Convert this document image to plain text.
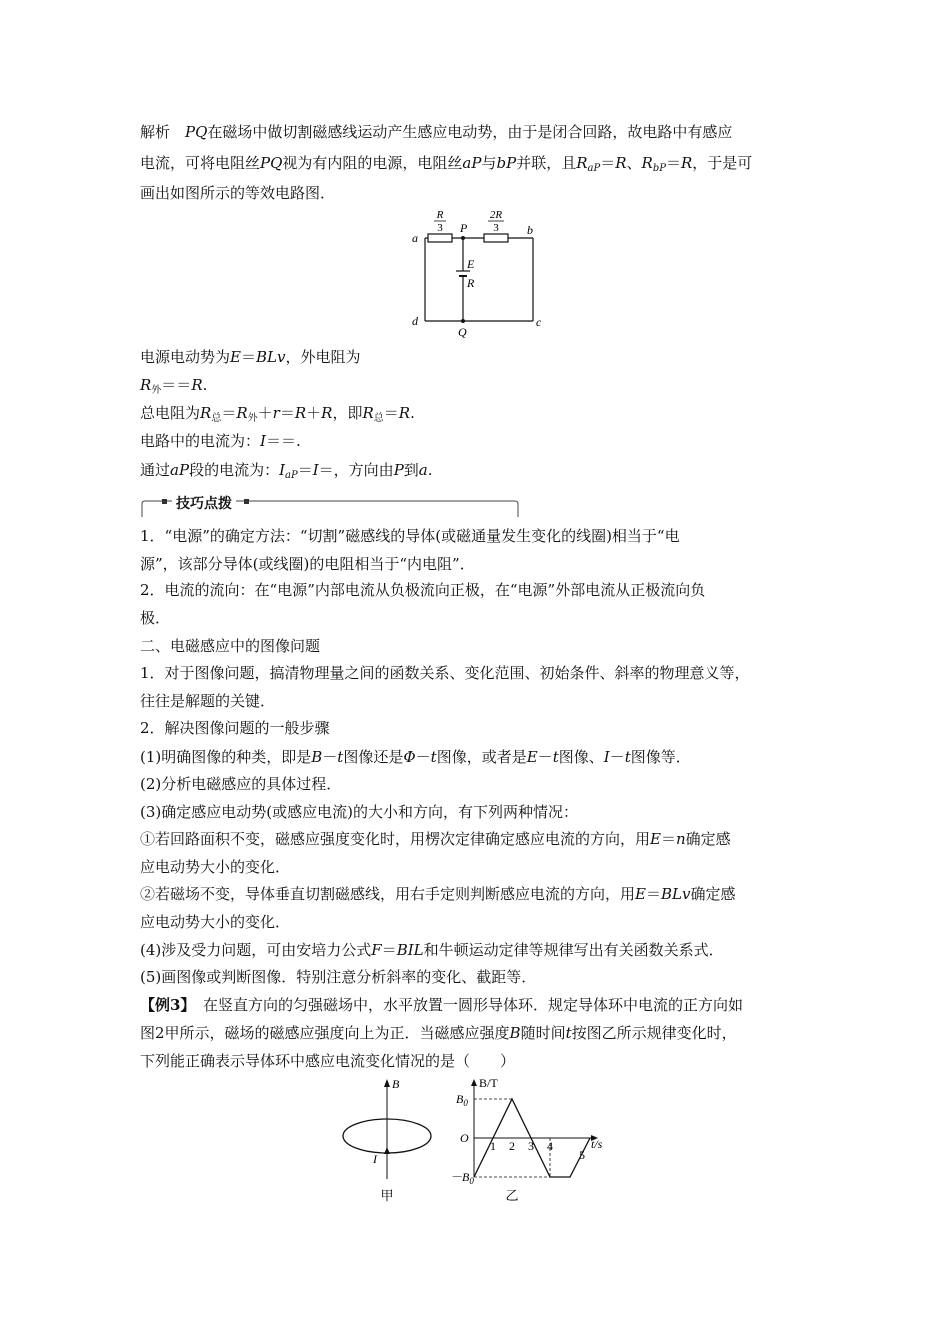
解析　 PQ在磁场中做切割磁感线运动产生感应电动势，由于是闭合回路，故电路中有感应
电流，可将电阻丝PQ视为有内阻的电源，电阻丝aP与bP并联，且$R_{aP}=R$、$R_{bP}=R$，于是可
画出如图所示的等效电路图．
R
3
2R
3
a
P	b
E
R
d
Q
c
电源电动势为E＝BLv，外电阻为
$R_外==R$.
总电阻为$R_总=R_外+r=R+R$，即$R_总=R$.
电路中的电流为：I＝＝.
通过aP段的电流为：$I_{aP}=I=$，方向由P到a.
技巧点拨
1．“电源”的确定方法：“切割”磁感线的导体(或磁通量发生变化的线圈)相当于“电
源”，该部分导体(或线圈)的电阻相当于“内电阻”．
2．电流的流向：在“电源”内部电流从负极流向正极，在“电源”外部电流从正极流向负
极．
二、电磁感应中的图像问题
1．对于图像问题，搞清物理量之间的函数关系、变化范围、初始条件、斜率的物理意义等，
往往是解题的关键．
2．解决图像问题的一般步骤
(1)明确图像的种类，即是B－t图像还是Φ－t图像，或者是E－t图像、I－t图像等．
(2)分析电磁感应的具体过程．
(3)确定感应电动势(或感应电流)的大小和方向，有下列两种情况：
①若回路面积不变，磁感应强度变化时，用楞次定律确定感应电流的方向，用E＝n确定感
应电动势大小的变化．
②若磁场不变，导体垂直切割磁感线，用右手定则判断感应电流的方向，用E＝BLv确定感
应电动势大小的变化．
(4)涉及受力问题，可由安培力公式F＝BIL和牛顿运动定律等规律写出有关函数关系式．
(5)画图像或判断图像．特别注意分析斜率的变化、截距等．
【例3】　 在竖直方向的匀强磁场中，水平放置一圆形导体环．规定导体环中电流的正方向如
图2甲所示，磁场的磁感应强度向上为正．当磁感应强度B随时间t按图乙所示规律变化时，
下列能正确表示导体环中感应电流变化情况的是（　　）
B
I
甲
B/T
$B_0$
O
$-B_0$
t/s
1 2 3 4
5
乙
